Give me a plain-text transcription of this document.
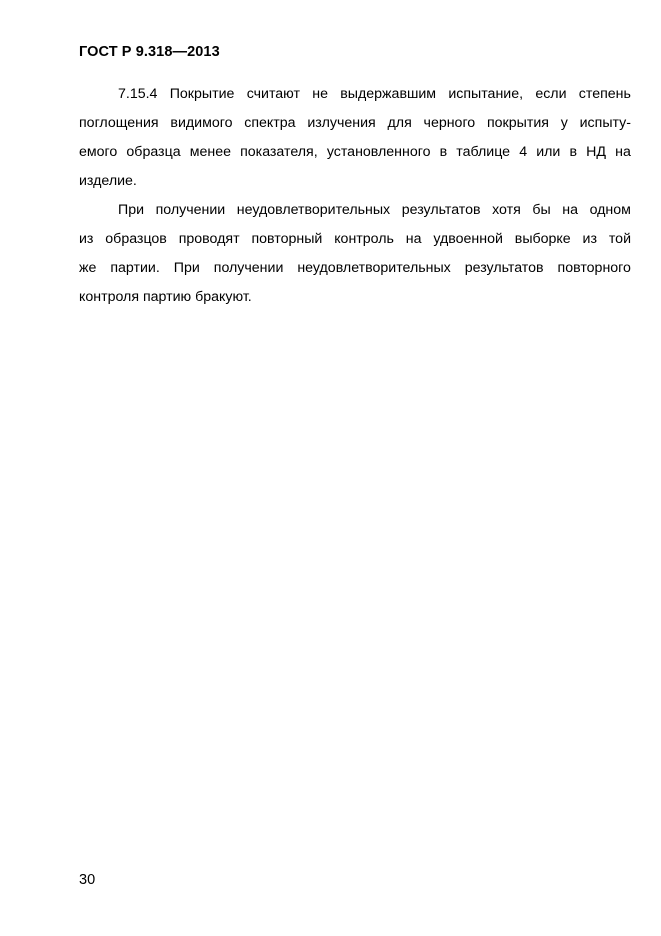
ГОСТ Р 9.318—2013
7.15.4 Покрытие считают не выдержавшим испытание, если степень
поглощения видимого спектра излучения для черного покрытия у испыту-
емого образца менее показателя, установленного в таблице 4 или в НД на
изделие.
При получении неудовлетворительных результатов хотя бы на одном
из образцов проводят повторный контроль на удвоенной выборке из той
же партии. При получении неудовлетворительных результатов повторного
контроля партию бракуют.
30
